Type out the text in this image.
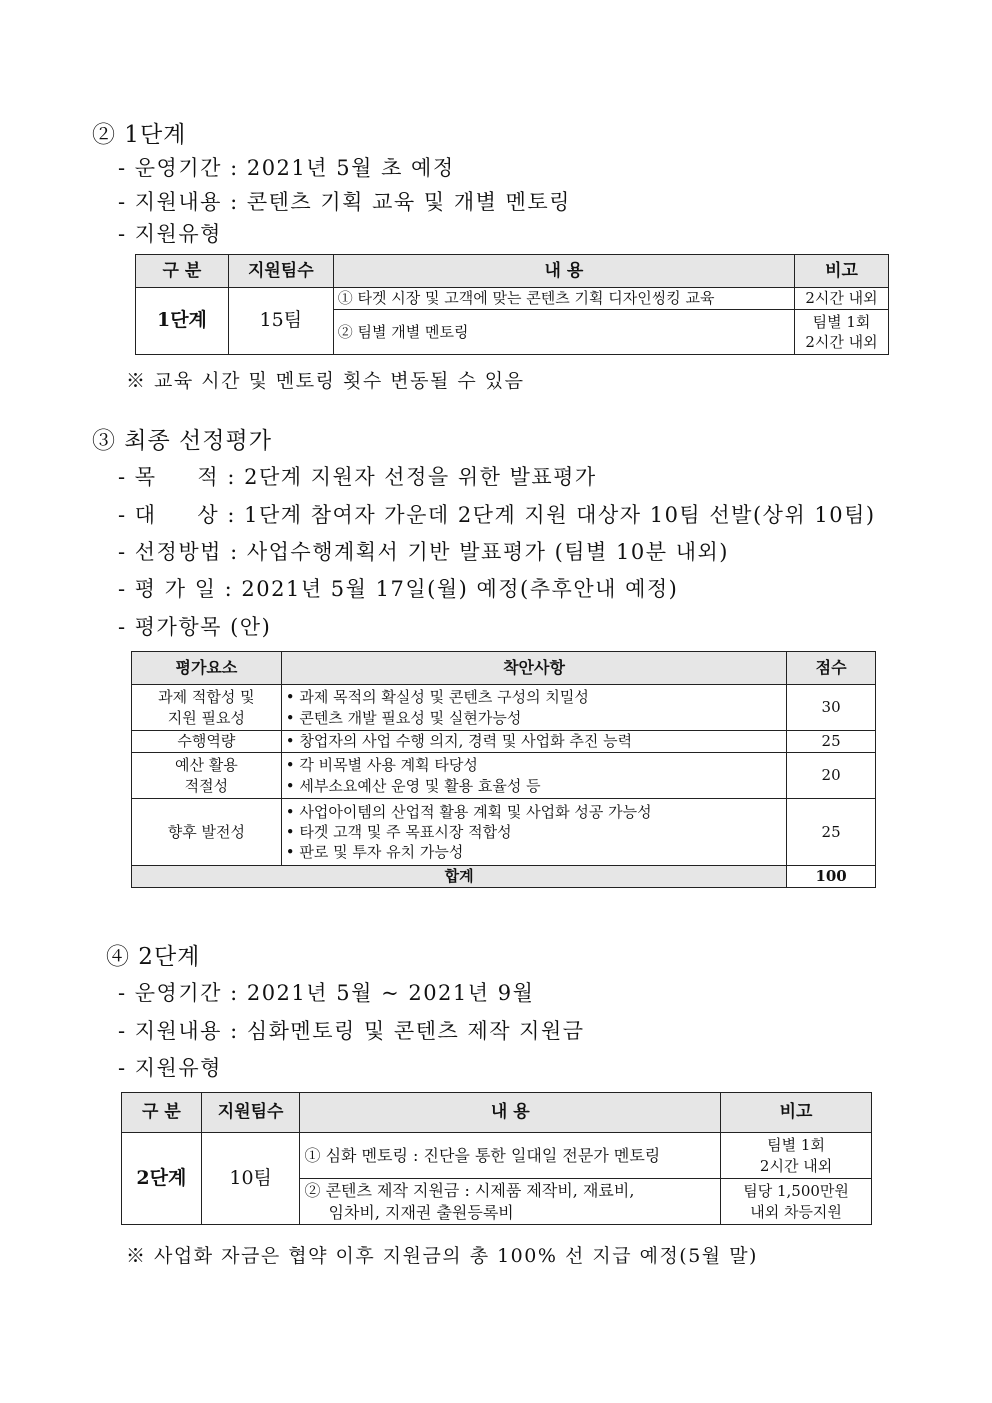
② 1단계
- 운영기간 : 2021년 5월 초 예정
- 지원내용 : 콘텐츠 기획 교육 및 개별 멘토링
- 지원유형
구 분	지원팀수	내 용	비고
1단계	15팀	① 타겟 시장 및 고객에 맞는 콘텐츠 기획 디자인씽킹 교육	2시간 내외
		② 팀별 개별 멘토링	팀별 1회
2시간 내외
※ 교육 시간 및 멘토링 횟수 변동될 수 있음
③ 최종 선정평가
- 목     적 : 2단계 지원자 선정을 위한 발표평가
- 대     상 : 1단계 참여자 가운데 2단계 지원 대상자 10팀 선발(상위 10팀)
- 선정방법 : 사업수행계획서 기반 발표평가 (팀별 10분 내외)
- 평 가 일 : 2021년 5월 17일(월) 예정(추후안내 예정)
- 평가항목 (안)
평가요소	착안사항	점수

과제 적합성 및
지원 필요성	• 과제 목적의 확실성 및 콘텐츠 구성의 치밀성
• 콘텐츠 개발 필요성 및 실현가능성	30
수행역량	• 창업자의 사업 수행 의지, 경력 및 사업화 추진 능력	25

예산 활용
적절성	• 각 비목별 사용 계획 타당성
• 세부소요예산 운영 및 활용 효율성 등	20
향후 발전성	• 사업아이템의 산업적 활용 계획 및 사업화 성공 가능성
• 타겟 고객 및 주 목표시장 적합성
• 판로 및 투자 유치 가능성	25
합계		100
④ 2단계
- 운영기간 : 2021년 5월 ~ 2021년 9월
- 지원내용 : 심화멘토링 및 콘텐츠 제작 지원금
- 지원유형
구 분	지원팀수	내 용	비고
2단계	10팀	① 심화 멘토링 : 진단을 통한 일대일 전문가 멘토링	팀별 1회
2시간 내외

		② 콘텐츠 제작 지원금 : 시제품 제작비, 재료비,
임차비, 지재권 출원등록비	팀당 1,500만원
내외 차등지원
※ 사업화 자금은 협약 이후 지원금의 총 100% 선 지급 예정(5월 말)
